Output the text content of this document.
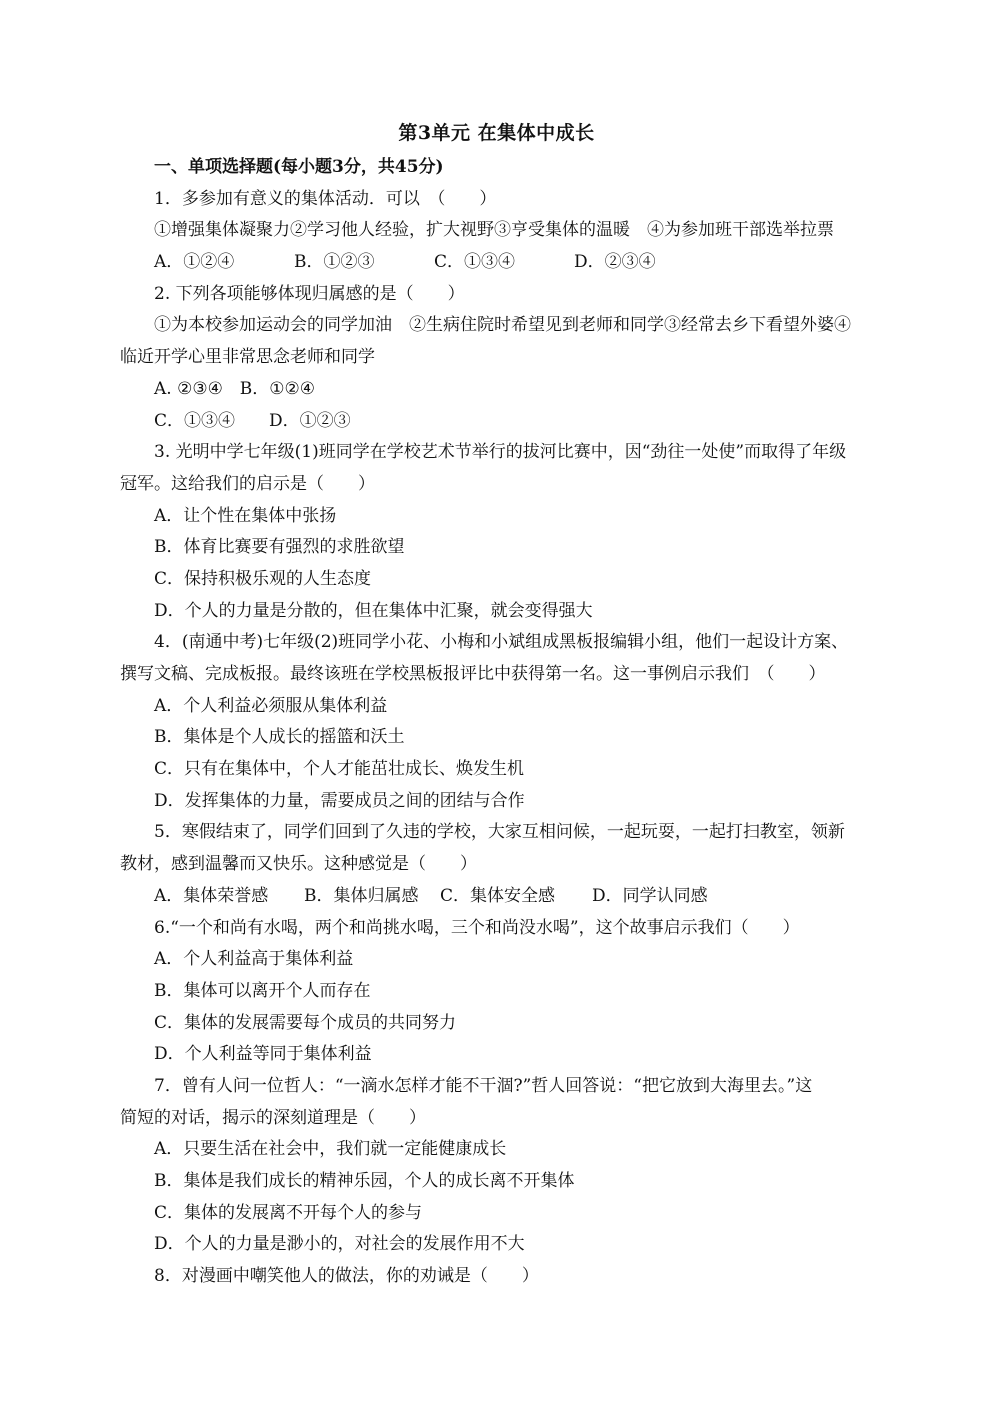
第3单元 在集体中成长

一、单项选择题(每小题3分，共45分)

1．多参加有意义的集体活动．可以　（　　）

①增强集体凝聚力②学习他人经验，扩大视野③亨受集体的温暖　④为参加班干部选举拉票

A．①②④	B．①②③	C．①③④	D．②③④

2. 下列各项能够体现归属感的是（　　）

①为本校参加运动会的同学加油　②生病住院时希望见到老师和同学③经常去乡下看望外婆④

临近开学心里非常思念老师和同学

A. ②③④　B．①②④

C．①③④　　D．①②③

3. 光明中学七年级(1)班同学在学校艺术节举行的拔河比赛中，因“劲往一处使”而取得了年级

冠军。这给我们的启示是（　　）

A．让个性在集体中张扬

B．体育比赛要有强烈的求胜欲望

C．保持积极乐观的人生态度

D．个人的力量是分散的，但在集体中汇聚，就会变得强大

4．(南通中考)七年级(2)班同学小花、小梅和小斌组成黑板报编辑小组，他们一起设计方案、

撰写文稿、完成板报。最终该班在学校黑板报评比中获得第一名。这一事例启示我们　（　　）

A．个人利益必须服从集体利益

B．集体是个人成长的摇篮和沃土

C．只有在集体中，个人才能茁壮成长、焕发生机

D．发挥集体的力量，需要成员之间的团结与合作

5．寒假结束了，同学们回到了久违的学校，大家互相问候，一起玩耍，一起打扫教室，领新

教材，感到温馨而又快乐。这种感觉是（　　）

A．集体荣誉感 B．集体归属感 C．集体安全感 D．同学认同感

6.“一个和尚有水喝，两个和尚挑水喝，三个和尚没水喝”，这个故事启示我们（　　）

A．个人利益高于集体利益

B．集体可以离开个人而存在

C．集体的发展需要每个成员的共同努力

D．个人利益等同于集体利益

7．曾有人问一位哲人：“一滴水怎样才能不干涸?”哲人回答说：“把它放到大海里去。”这

简短的对话，揭示的深刻道理是（　　）

A．只要生活在社会中，我们就一定能健康成长

B．集体是我们成长的精神乐园，个人的成长离不开集体

C．集体的发展离不开每个人的参与

D．个人的力量是渺小的，对社会的发展作用不大

8．对漫画中嘲笑他人的做法，你的劝诫是（　　）
